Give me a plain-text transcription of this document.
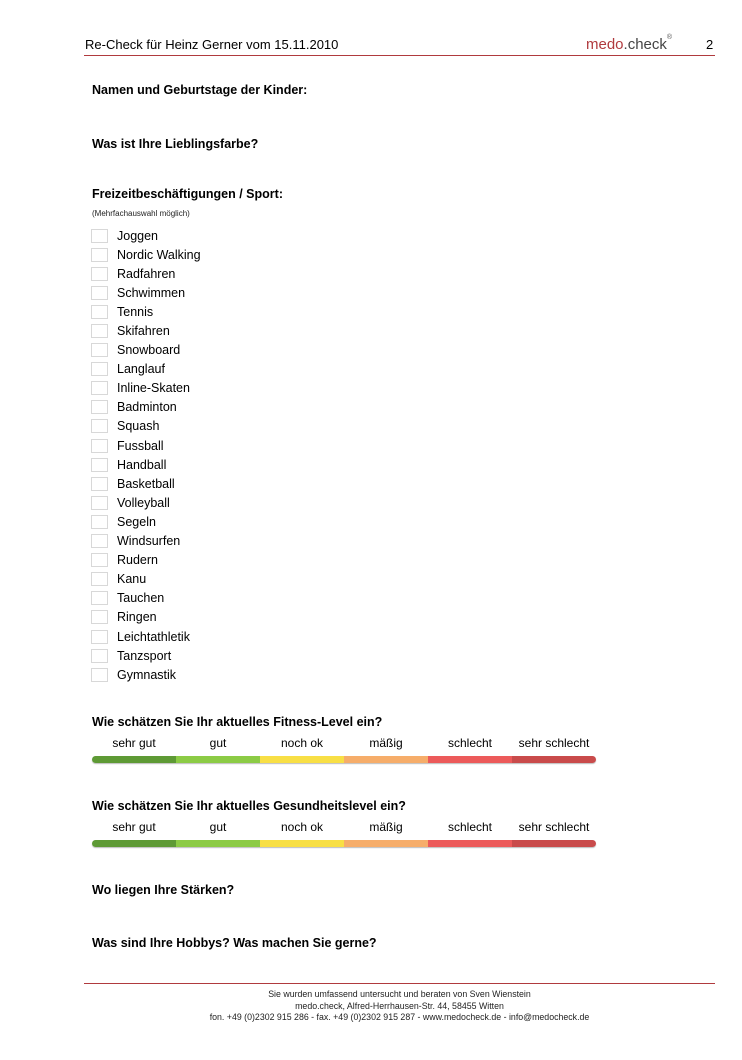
Re-Check für Heinz Gerner vom 15.11.2010	medo.check®	2
Namen und Geburtstage der Kinder:
Was ist Ihre Lieblingsfarbe?
Freizeitbeschäftigungen / Sport:
(Mehrfachauswahl möglich)
Joggen
Nordic Walking
Radfahren
Schwimmen
Tennis
Skifahren
Snowboard
Langlauf
Inline-Skaten
Badminton
Squash
Fussball
Handball
Basketball
Volleyball
Segeln
Windsurfen
Rudern
Kanu
Tauchen
Ringen
Leichtathletik
Tanzsport
Gymnastik
Wie schätzen Sie Ihr aktuelles Fitness-Level ein?
sehr gut	gut	noch ok	mäßig	schlecht	sehr schlecht
Wie schätzen Sie Ihr aktuelles Gesundheitslevel ein?
sehr gut	gut	noch ok	mäßig	schlecht	sehr schlecht
Wo liegen Ihre Stärken?
Was sind Ihre Hobbys? Was machen Sie gerne?
Sie wurden umfassend untersucht und beraten von Sven Wienstein
medo.check, Alfred-Herrhausen-Str. 44, 58455 Witten
fon. +49 (0)2302 915 286 - fax. +49 (0)2302 915 287 - www.medocheck.de - info@medocheck.de
